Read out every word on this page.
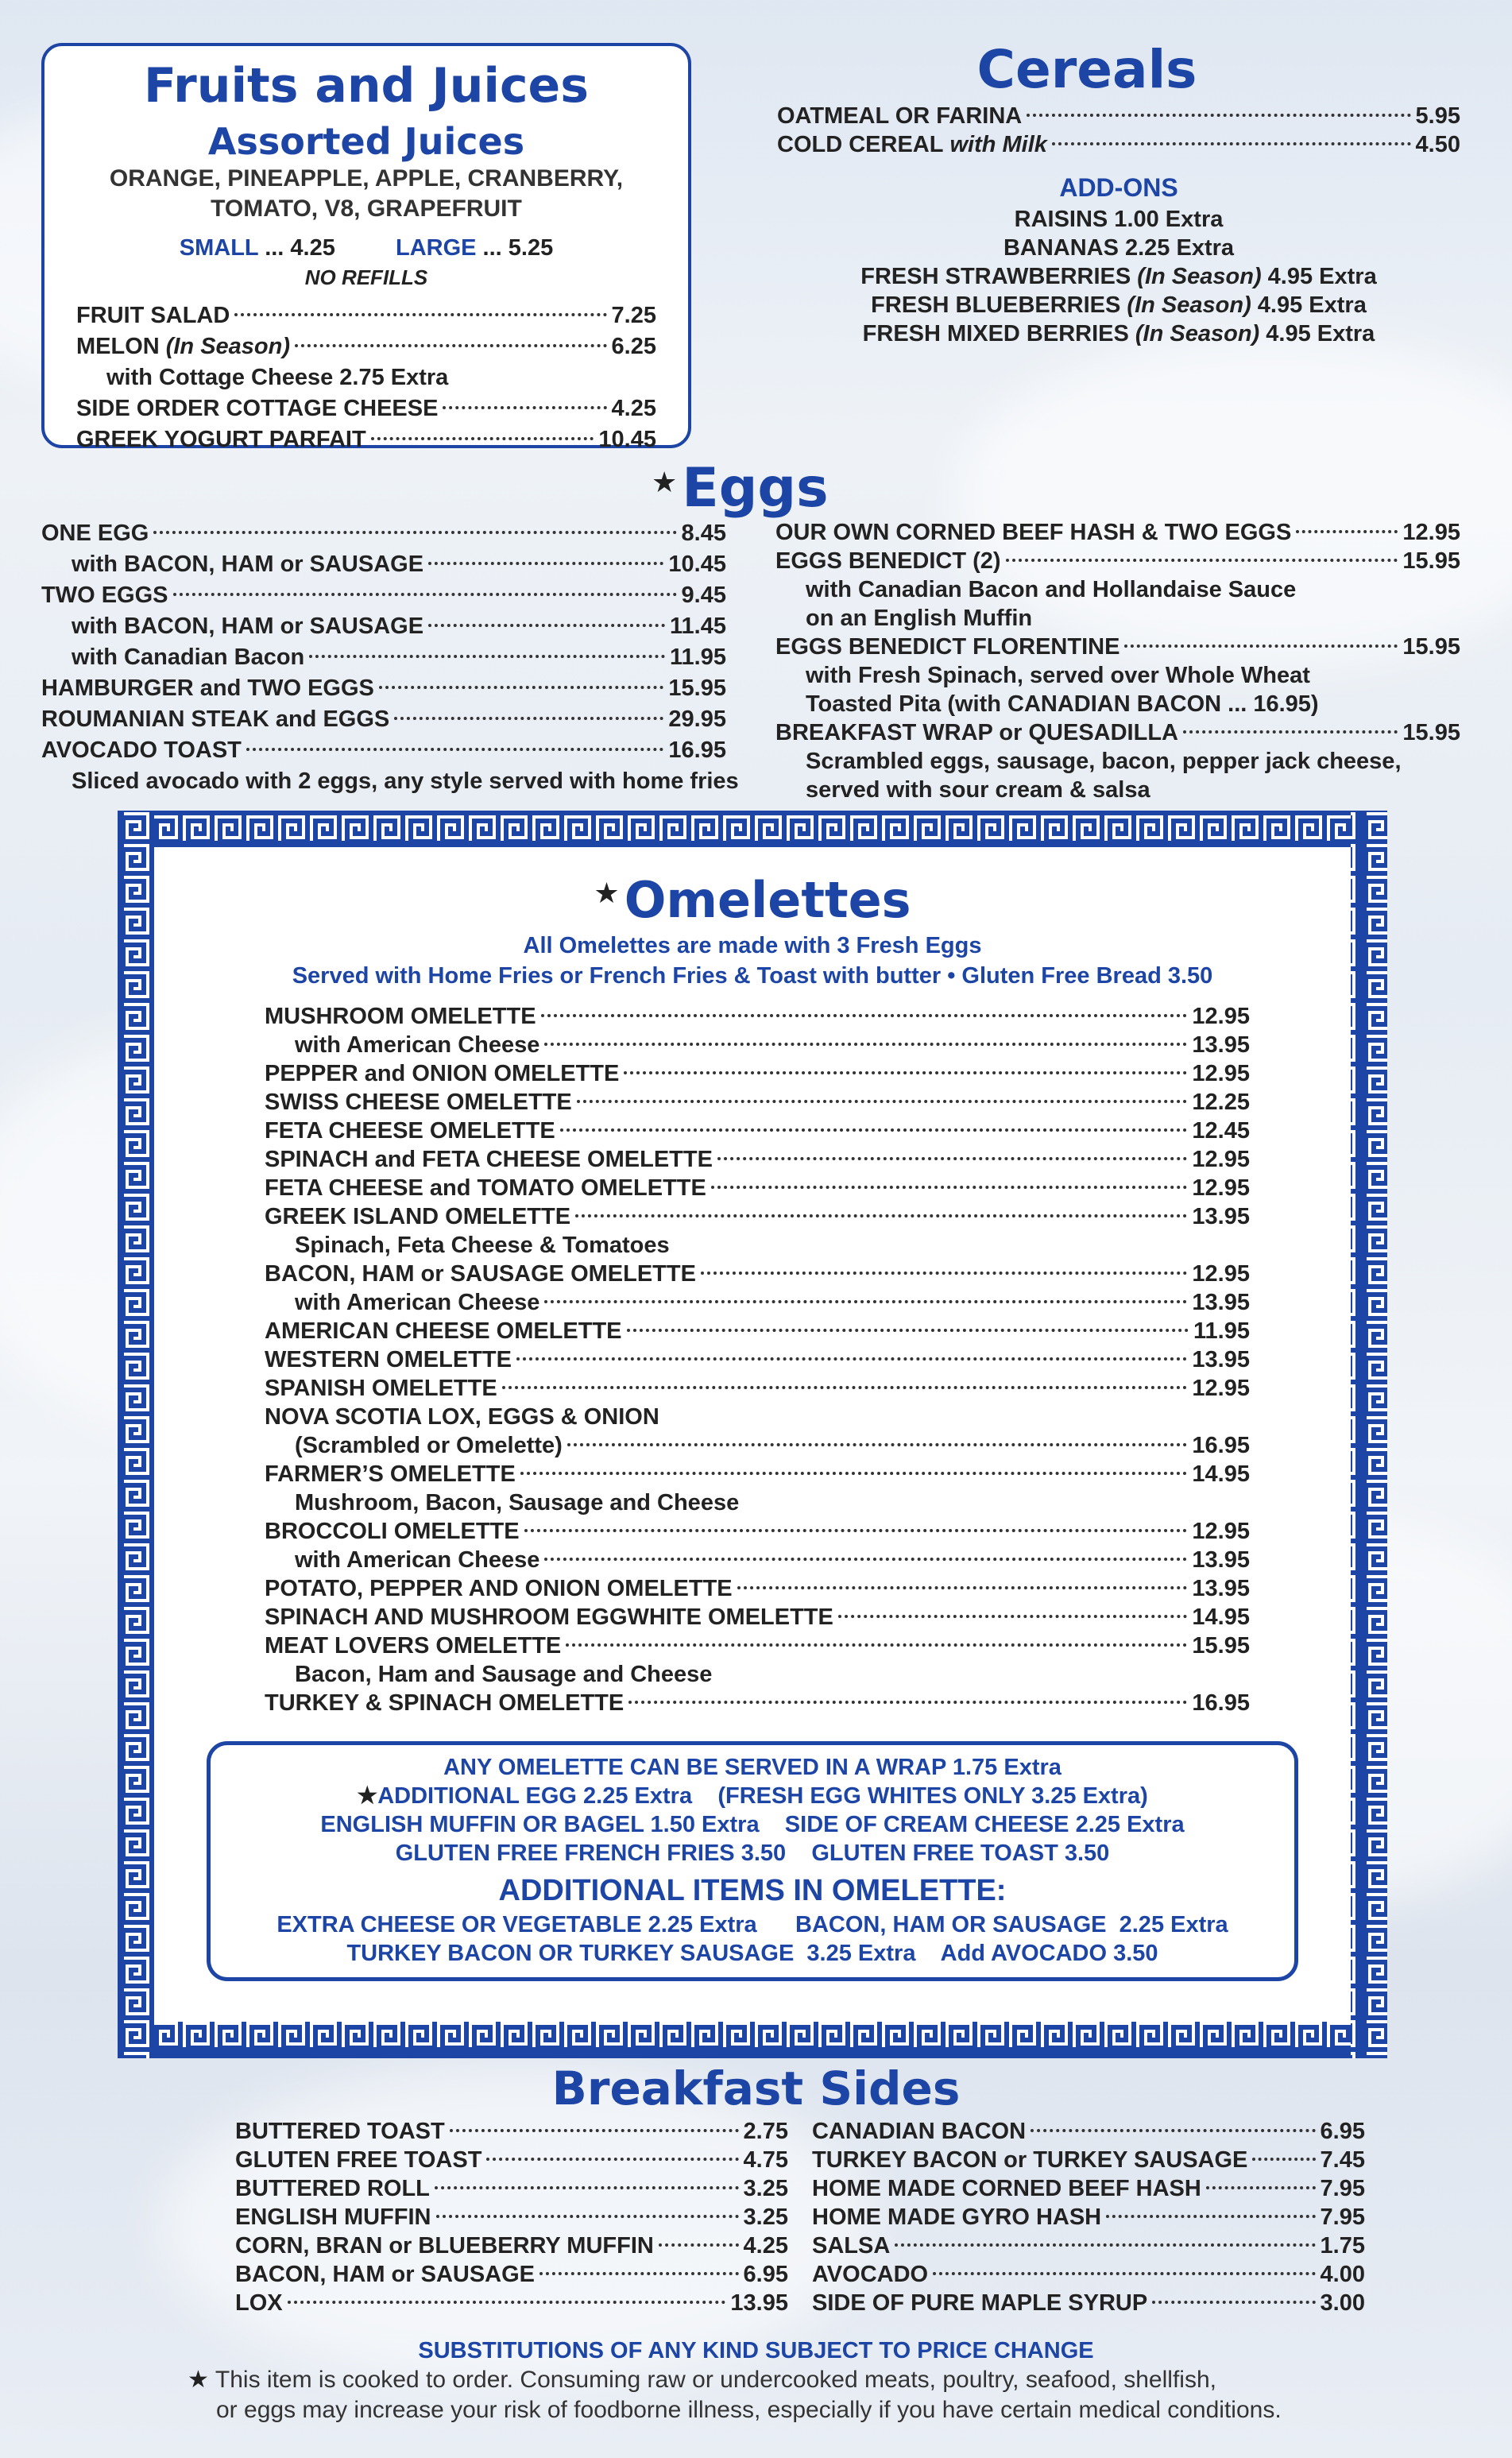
Fruits and Juices
Assorted Juices
ORANGE, PINEAPPLE, APPLE, CRANBERRY,
TOMATO, V8, GRAPEFRUIT
SMALL ... 4.25	LARGE ... 5.25
NO REFILLS
FRUIT SALAD	7.25
MELON (In Season)	6.25
with Cottage Cheese 2.75 Extra
SIDE ORDER COTTAGE CHEESE	4.25
GREEK YOGURT PARFAIT	10.45
Cereals
OATMEAL OR FARINA	5.95
COLD CEREAL with Milk	4.50
ADD-ONS
RAISINS 1.00 Extra
BANANAS 2.25 Extra
FRESH STRAWBERRIES (In Season) 4.95 Extra
FRESH BLUEBERRIES (In Season) 4.95 Extra
FRESH MIXED BERRIES (In Season) 4.95 Extra
★Eggs
ONE EGG	8.45
with BACON, HAM or SAUSAGE	10.45
TWO EGGS	9.45
with BACON, HAM or SAUSAGE	11.45
with Canadian Bacon	11.95
HAMBURGER and TWO EGGS	15.95
ROUMANIAN STEAK and EGGS	29.95
AVOCADO TOAST	16.95
Sliced avocado with 2 eggs, any style served with home fries
OUR OWN CORNED BEEF HASH & TWO EGGS	12.95
EGGS BENEDICT (2)	15.95
with Canadian Bacon and Hollandaise Sauce
on an English Muffin
EGGS BENEDICT FLORENTINE	15.95
with Fresh Spinach, served over Whole Wheat
Toasted Pita (with CANADIAN BACON ... 16.95)
BREAKFAST WRAP or QUESADILLA	15.95
Scrambled eggs, sausage, bacon, pepper jack cheese,
served with sour cream & salsa
★Omelettes
All Omelettes are made with 3 Fresh Eggs
Served with Home Fries or French Fries & Toast with butter • Gluten Free Bread 3.50
MUSHROOM OMELETTE	12.95
with American Cheese	13.95
PEPPER and ONION OMELETTE	12.95
SWISS CHEESE OMELETTE	12.25
FETA CHEESE OMELETTE	12.45
SPINACH and FETA CHEESE OMELETTE	12.95
FETA CHEESE and TOMATO OMELETTE	12.95
GREEK ISLAND OMELETTE	13.95
Spinach, Feta Cheese & Tomatoes
BACON, HAM or SAUSAGE OMELETTE	12.95
with American Cheese	13.95
AMERICAN CHEESE OMELETTE	11.95
WESTERN OMELETTE	13.95
SPANISH OMELETTE	12.95
NOVA SCOTIA LOX, EGGS & ONION
(Scrambled or Omelette)	16.95
FARMER’S OMELETTE	14.95
Mushroom, Bacon, Sausage and Cheese
BROCCOLI OMELETTE	12.95
with American Cheese	13.95
POTATO, PEPPER AND ONION OMELETTE	13.95
SPINACH AND MUSHROOM EGGWHITE OMELETTE	14.95
MEAT LOVERS OMELETTE	15.95
Bacon, Ham and Sausage and Cheese
TURKEY & SPINACH OMELETTE	16.95
ANY OMELETTE CAN BE SERVED IN A WRAP 1.75 Extra
★ADDITIONAL EGG 2.25 Extra    (FRESH EGG WHITES ONLY 3.25 Extra)
ENGLISH MUFFIN OR BAGEL 1.50 Extra    SIDE OF CREAM CHEESE 2.25 Extra
GLUTEN FREE FRENCH FRIES 3.50    GLUTEN FREE TOAST 3.50
ADDITIONAL ITEMS IN OMELETTE:
EXTRA CHEESE OR VEGETABLE 2.25 Extra      BACON, HAM OR SAUSAGE  2.25 Extra
TURKEY BACON OR TURKEY SAUSAGE  3.25 Extra    Add AVOCADO 3.50
Breakfast Sides
BUTTERED TOAST	2.75
GLUTEN FREE TOAST	4.75
BUTTERED ROLL	3.25
ENGLISH MUFFIN	3.25
CORN, BRAN or BLUEBERRY MUFFIN	4.25
BACON, HAM or SAUSAGE	6.95
LOX	13.95
CANADIAN BACON	6.95
TURKEY BACON or TURKEY SAUSAGE	7.45
HOME MADE CORNED BEEF HASH	7.95
HOME MADE GYRO HASH	7.95
SALSA	1.75
AVOCADO	4.00
SIDE OF PURE MAPLE SYRUP	3.00
SUBSTITUTIONS OF ANY KIND SUBJECT TO PRICE CHANGE
★ This item is cooked to order. Consuming raw or undercooked meats, poultry, seafood, shellfish,
or eggs may increase your risk of foodborne illness, especially if you have certain medical conditions.
